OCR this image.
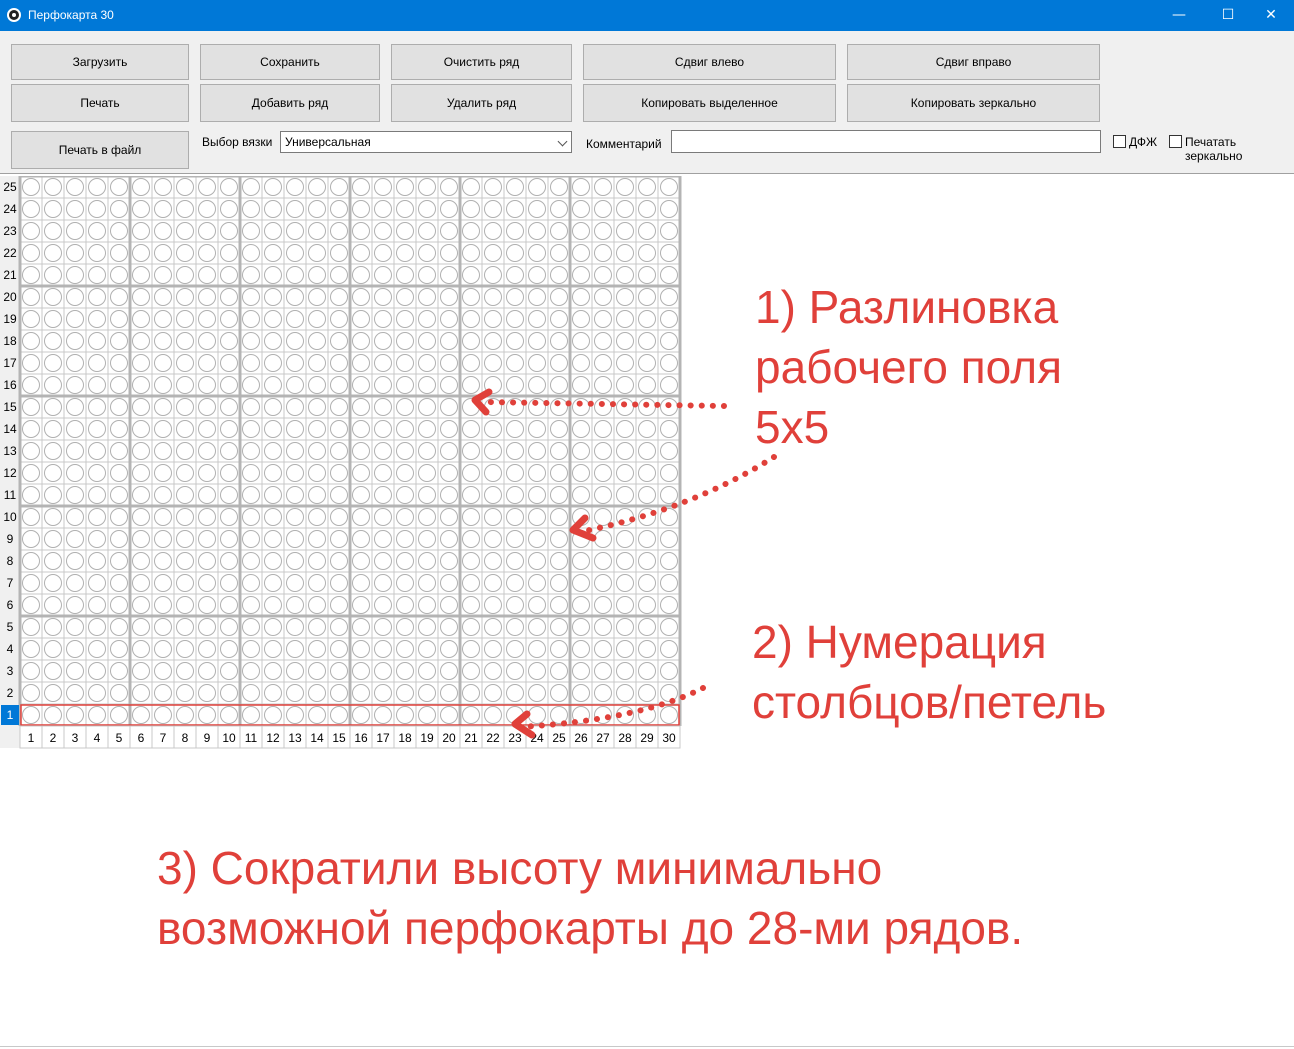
Перфокарта 30	—	☐	✕
Загрузить	Сохранить	Очистить ряд	Сдвиг влево	Сдвиг вправо
Печать	Добавить ряд	Удалить ряд	Копировать выделенное	Копировать зеркально
Печать в файл
Выбор вязки Универсальная	Комментарий	ДФЖ Печатать зеркально
25
24
23
22
21
20
19
18
17
16
15
14
13
12
11
10
9
8
7
6
5
4
3
2
1
1 2 3 4 5 6 7 8 9 10 11 12 13 14 15 16 17 18 19 20 21 22 23 24 25 26 27 28 29 30
1) Разлиновка
рабочего поля
5х5
2) Нумерация
столбцов/петель
3) Сократили высоту минимально
возможной перфокарты до 28-ми рядов.
